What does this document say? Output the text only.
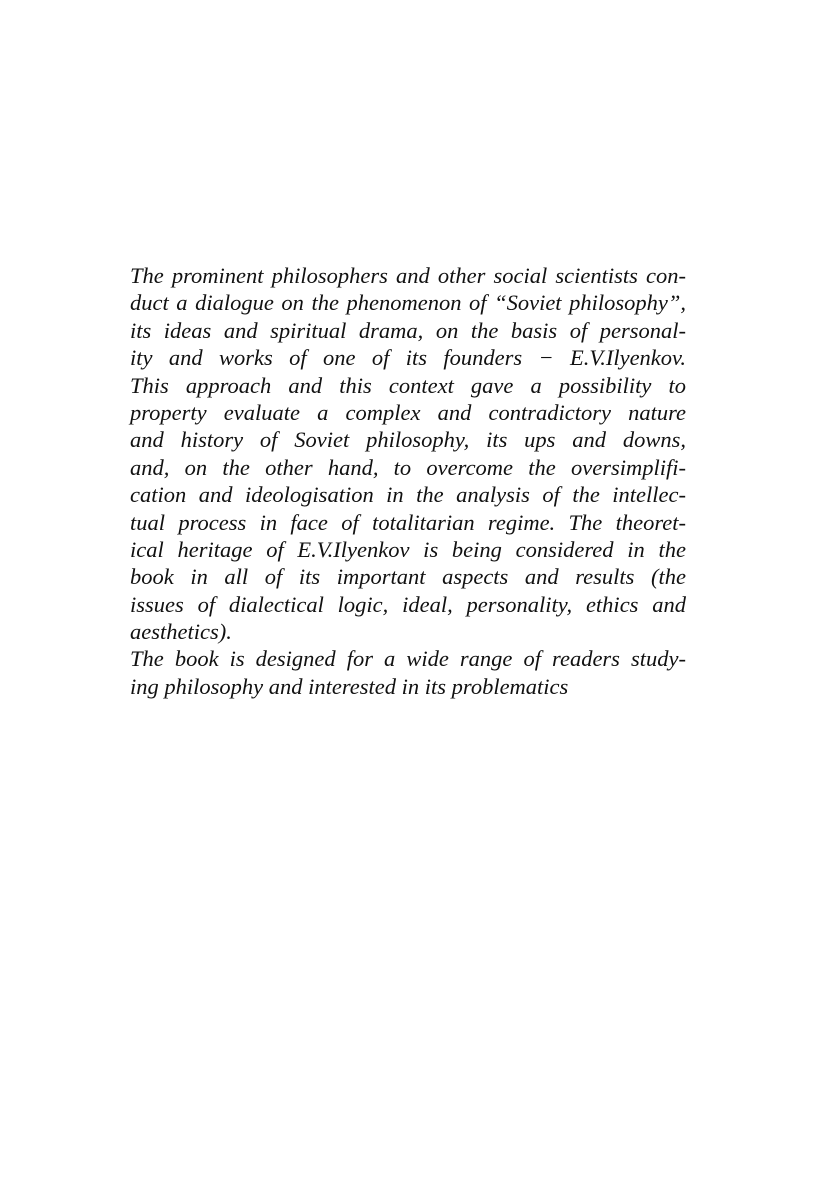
The prominent philosophers and other social scientists con-
duct a dialogue on the phenomenon of “Soviet philosophy”,
its ideas and spiritual drama, on the basis of personal-
ity and works of one of its founders − E.V.Ilyenkov.
This approach and this context gave a possibility to
property evaluate a complex and contradictory nature
and history of Soviet philosophy, its ups and downs,
and, on the other hand, to overcome the oversimplifi-
cation and ideologisation in the analysis of the intellec-
tual process in face of totalitarian regime. The theoret-
ical heritage of E.V.Ilyenkov is being considered in the
book in all of its important aspects and results (the
issues of dialectical logic, ideal, personality, ethics and
aesthetics).
The book is designed for a wide range of readers study-
ing philosophy and interested in its problematics
